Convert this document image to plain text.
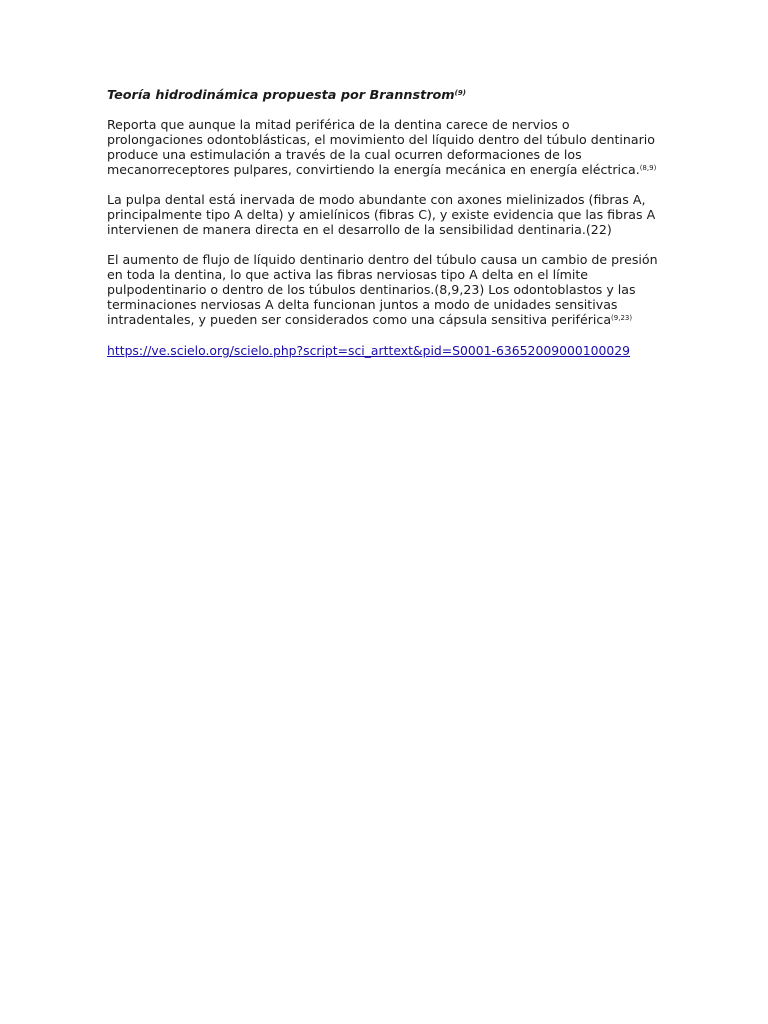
Teoría hidrodinámica propuesta por Brannstrom$^{(9)}$

Reporta que aunque la mitad periférica de la dentina carece de nervios o prolongaciones odontoblásticas, el movimiento del líquido dentro del túbulo dentinario produce una estimulación a través de la cual ocurren deformaciones de los mecanorreceptores pulpares, convirtiendo la energía mecánica en energía eléctrica.$^{(8,9)}$

La pulpa dental está inervada de modo abundante con axones mielinizados (fibras A, principalmente tipo A delta) y amielínicos (fibras C), y existe evidencia que las fibras A intervienen de manera directa en el desarrollo de la sensibilidad dentinaria.(22)

El aumento de flujo de líquido dentinario dentro del túbulo causa un cambio de presión en toda la dentina, lo que activa las fibras nerviosas tipo A delta en el límite pulpodentinario o dentro de los túbulos dentinarios.(8,9,23) Los odontoblastos y las terminaciones nerviosas A delta funcionan juntos a modo de unidades sensitivas intradentales, y pueden ser considerados como una cápsula sensitiva periférica$^{(9,23)}$

https://ve.scielo.org/scielo.php?script=sci_arttext&pid=S0001-63652009000100029
